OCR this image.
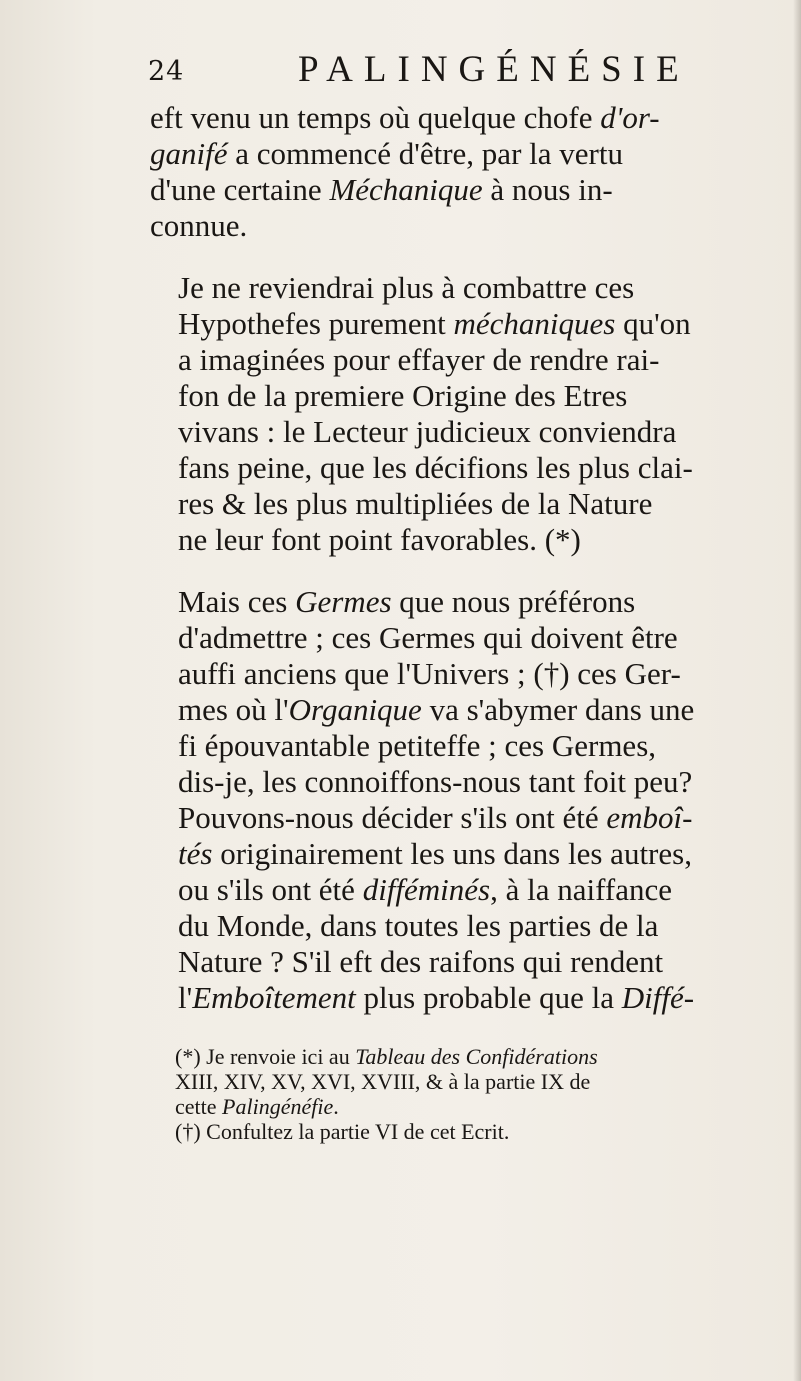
24	PALINGÉNÉSIE
eft venu un temps où quelque chofe d'or-
ganifé a commencé d'être, par la vertu
d'une certaine Méchanique à nous in-
connue.
Je ne reviendrai plus à combattre ces
Hypothefes purement méchaniques qu'on
a imaginées pour effayer de rendre rai-
fon de la premiere Origine des Etres
vivans : le Lecteur judicieux conviendra
fans peine, que les décifions les plus clai-
res & les plus multipliées de la Nature
ne leur font point favorables. (*)
Mais ces Germes que nous préférons
d'admettre ; ces Germes qui doivent être
auffi anciens que l'Univers ; (†) ces Ger-
mes où l'Organique va s'abymer dans une
fi épouvantable petiteffe ; ces Germes,
dis-je, les connoiffons-nous tant foit peu?
Pouvons-nous décider s'ils ont été emboî-
tés originairement les uns dans les autres,
ou s'ils ont été difféminés, à la naiffance
du Monde, dans toutes les parties de la
Nature ? S'il eft des raifons qui rendent
l'Emboîtement plus probable que la Diffé-
(*) Je renvoie ici au Tableau des Confidérations
XIII, XIV, XV, XVI, XVIII, & à la partie IX de
cette Palingénéfie.
(†) Confultez la partie VI de cet Ecrit.
